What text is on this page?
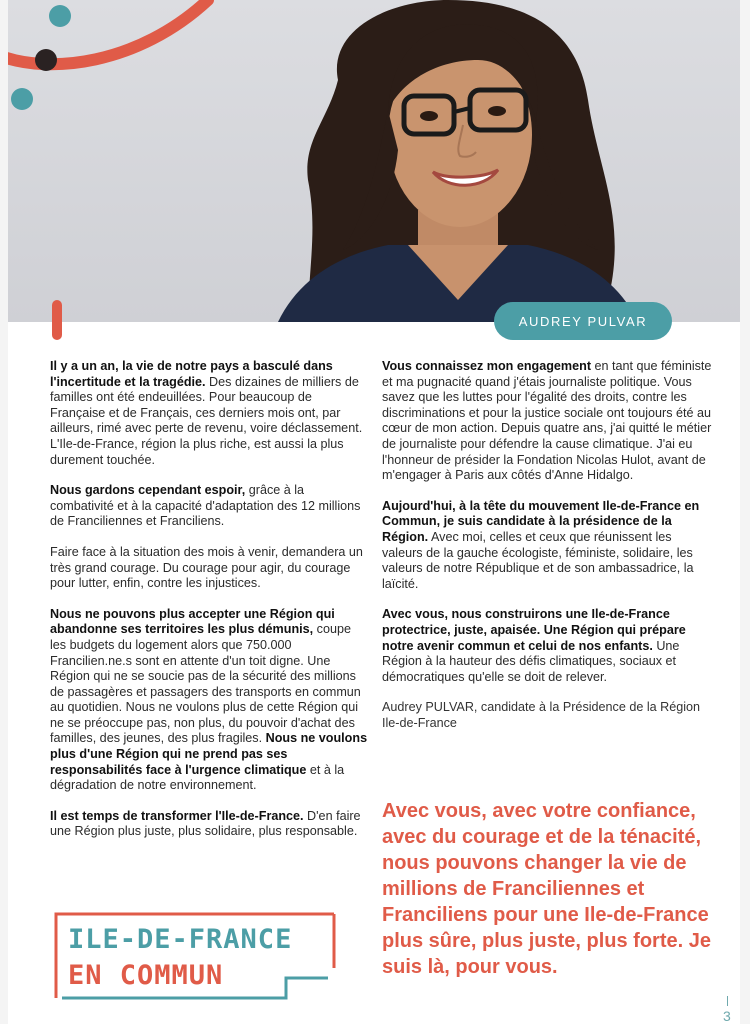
AUDREY PULVAR

Il y a un an, la vie de notre pays a basculé dans l'incertitude et la tragédie. Des dizaines de milliers de familles ont été endeuillées. Pour beaucoup de Française et de Français, ces derniers mois ont, par ailleurs, rimé avec perte de revenu, voire déclassement. L'Ile-de-France, région la plus riche, est aussi la plus durement touchée.

Nous gardons cependant espoir, grâce à la combativité et à la capacité d'adaptation des 12 millions de Franciliennes et Franciliens.

Faire face à la situation des mois à venir, demandera un très grand courage. Du courage pour agir, du courage pour lutter, enfin, contre les injustices.

Nous ne pouvons plus accepter une Région qui abandonne ses territoires les plus démunis, coupe les budgets du logement alors que 750.000 Francilien.ne.s sont en attente d'un toit digne. Une Région qui ne se soucie pas de la sécurité des millions de passagères et passagers des transports en commun au quotidien. Nous ne voulons plus de cette Région qui ne se préoccupe pas, non plus, du pouvoir d'achat des familles, des jeunes, des plus fragiles. Nous ne voulons plus d'une Région qui ne prend pas ses responsabilités face à l'urgence climatique et à la dégradation de notre environnement.

Il est temps de transformer l'Ile-de-France. D'en faire une Région plus juste, plus solidaire, plus responsable.

Vous connaissez mon engagement en tant que féministe et ma pugnacité quand j'étais journaliste politique. Vous savez que les luttes pour l'égalité des droits, contre les discriminations et pour la justice sociale ont toujours été au cœur de mon action. Depuis quatre ans, j'ai quitté le métier de journaliste pour défendre la cause climatique. J'ai eu l'honneur de présider la Fondation Nicolas Hulot, avant de m'engager à Paris aux côtés d'Anne Hidalgo.

Aujourd'hui, à la tête du mouvement Ile-de-France en Commun, je suis candidate à la présidence de la Région. Avec moi, celles et ceux que réunissent les valeurs de la gauche écologiste, féministe, solidaire, les valeurs de notre République et de son ambassadrice, la laïcité.

Avec vous, nous construirons une Ile-de-France protectrice, juste, apaisée. Une Région qui prépare notre avenir commun et celui de nos enfants. Une Région à la hauteur des défis climatiques, sociaux et démocratiques qu'elle se doit de relever.

Audrey PULVAR, candidate à la Présidence de la Région Ile-de-France

Avec vous, avec votre confiance, avec du courage et de la ténacité, nous pouvons changer la vie de millions de Franciliennes et Franciliens pour une Ile-de-France plus sûre, plus juste, plus forte. Je suis là, pour vous.
ILE-DE-FRANCE
EN COMMUN
3
